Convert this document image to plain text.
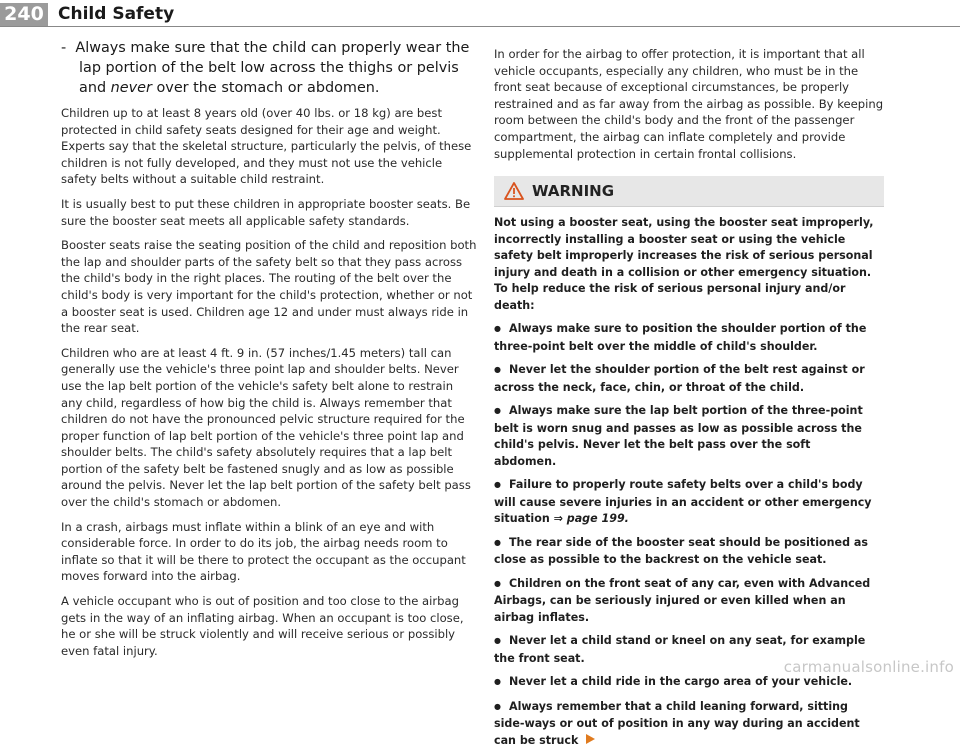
240 Child Safety
- Always make sure that the child can properly wear the lap portion of the belt low across the thighs or pelvis and never over the stomach or abdomen.

Children up to at least 8 years old (over 40 lbs. or 18 kg) are best protected in child safety seats designed for their age and weight. Experts say that the skeletal structure, particularly the pelvis, of these children is not fully developed, and they must not use the vehicle safety belts without a suitable child restraint.

It is usually best to put these children in appropriate booster seats. Be sure the booster seat meets all applicable safety standards.

Booster seats raise the seating position of the child and reposition both the lap and shoulder parts of the safety belt so that they pass across the child's body in the right places. The routing of the belt over the child's body is very important for the child's protection, whether or not a booster seat is used. Children age 12 and under must always ride in the rear seat.

Children who are at least 4 ft. 9 in. (57 inches/1.45 meters) tall can generally use the vehicle's three point lap and shoulder belts. Never use the lap belt portion of the vehicle's safety belt alone to restrain any child, regardless of how big the child is. Always remember that children do not have the pronounced pelvic structure required for the proper function of lap belt portion of the vehicle's three point lap and shoulder belts. The child's safety absolutely requires that a lap belt portion of the safety belt be fastened snugly and as low as possible around the pelvis. Never let the lap belt portion of the safety belt pass over the child's stomach or abdomen.

In a crash, airbags must inflate within a blink of an eye and with considerable force. In order to do its job, the airbag needs room to inflate so that it will be there to protect the occupant as the occupant moves forward into the airbag.

A vehicle occupant who is out of position and too close to the airbag gets in the way of an inflating airbag. When an occupant is too close, he or she will be struck violently and will receive serious or possibly even fatal injury.

In order for the airbag to offer protection, it is important that all vehicle occupants, especially any children, who must be in the front seat because of exceptional circumstances, be properly restrained and as far away from the airbag as possible. By keeping room between the child's body and the front of the passenger compartment, the airbag can inflate completely and provide supplemental protection in certain frontal collisions.

WARNING

Not using a booster seat, using the booster seat improperly, incorrectly installing a booster seat or using the vehicle safety belt improperly increases the risk of serious personal injury and death in a collision or other emergency situation. To help reduce the risk of serious personal injury and/or death:

● Always make sure to position the shoulder portion of the three-point belt over the middle of child's shoulder.

● Never let the shoulder portion of the belt rest against or across the neck, face, chin, or throat of the child.

● Always make sure the lap belt portion of the three-point belt is worn snug and passes as low as possible across the child's pelvis. Never let the belt pass over the soft abdomen.

● Failure to properly route safety belts over a child's body will cause severe injuries in an accident or other emergency situation ⇒ page 199.

● The rear side of the booster seat should be positioned as close as possible to the backrest on the vehicle seat.

● Children on the front seat of any car, even with Advanced Airbags, can be seriously injured or even killed when an airbag inflates.

● Never let a child stand or kneel on any seat, for example the front seat.

● Never let a child ride in the cargo area of your vehicle.

● Always remember that a child leaning forward, sitting side-ways or out of position in any way during an accident can be struck

carmanualsonline.info
